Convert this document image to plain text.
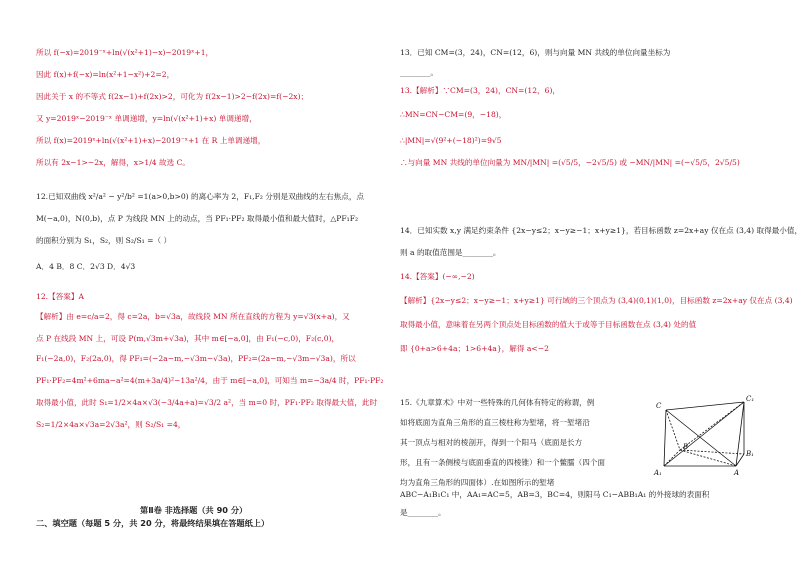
所以 f(−x)=2019⁻ˣ+ln(√(x²+1)−x)−2019ˣ+1，
因此 f(x)+f(−x)=ln(x²+1−x²)+2=2，
因此关于 x 的不等式 f(2x−1)+f(2x)>2，可化为 f(2x−1)>2−f(2x)=f(−2x)；
又 y=2019ˣ−2019⁻ˣ 单调递增，y=ln(√(x²+1)+x) 单调递增，
所以 f(x)=2019ˣ+ln(√(x²+1)+x)−2019⁻ˣ+1 在 R 上单调递增，
所以有 2x−1>−2x，解得，x>1/4 故选 C。
12.已知双曲线 x²/a² − y²/b² =1(a>0,b>0) 的离心率为 2，F₁,F₂ 分别是双曲线的左右焦点，点
M(−a,0)，N(0,b)，点 P 为线段 MN 上的动点，当 PF₁·PF₂ 取得最小值和最大值时，△PF₁F₂
的面积分别为 S₁，S₂，则 S₂/S₁ =（ ）
A．4 B．8 C．2√3 D．4√3
12.【答案】A
【解析】由 e=c/a=2，得 c=2a，b=√3a，故线段 MN 所在直线的方程为 y=√3(x+a)，又
点 P 在线段 MN 上，可设 P(m,√3m+√3a)，其中 m∈[−a,0]，由 F₁(−c,0)，F₂(c,0)，
F₁(−2a,0)，F₂(2a,0)，得 PF₁=(−2a−m,−√3m−√3a)，PF₂=(2a−m,−√3m−√3a)，所以
PF₁·PF₂=4m²+6ma−a²=4(m+3a/4)²−13a²/4，由于 m∈[−a,0]，可知当 m=−3a/4 时，PF₁·PF₂
取得最小值，此时 S₁=1/2×4a×√3(−3/4a+a)=√3/2 a²，当 m=0 时，PF₁·PF₂ 取得最大值，此时
S₂=1/2×4a×√3a=2√3a²，则 S₂/S₁ =4，
13．已知 CM=(3，24)，CN=(12，6)，则与向量 MN 共线的单位向量坐标为
________。
13.【解析】∵CM=(3，24)，CN=(12，6)，
∴MN=CN−CM=(9，−18)，
∴|MN|=√(9²+(−18)²)=9√5
∴与向量 MN 共线的单位向量为 MN/|MN| =(√5/5，−2√5/5) 或 −MN/|MN| =(−√5/5，2√5/5)
14．已知实数 x,y 满足约束条件 {2x−y≤2；x−y≥−1；x+y≥1}，若目标函数 z=2x+ay 仅在点 (3,4) 取得最小值，
则 a 的取值范围是________。
14.【答案】(−∞,−2)
【解析】{2x−y≤2；x−y≥−1；x+y≥1} 可行域的三个顶点为 (3,4)(0,1)(1,0)，目标函数 z=2x+ay 仅在点 (3,4)
取得最小值，意味着在另两个顶点处目标函数的值大于或等于目标函数在点 (3,4) 处的值
即 {0+a>6+4a；1>6+4a}，解得 a<−2
15.《九章算术》中对一些特殊的几何体有特定的称谓，例
如将底面为直角三角形的直三棱柱称为堑堵，将一堑堵沿
其一顶点与相对的棱剖开，得到一个阳马（底面是长方
形，且有一条侧棱与底面垂直的四棱锥）和一个鳖臑（四个面
均为直角三角形的四面体）.在如图所示的堑堵
ABC−A₁B₁C₁ 中，AA₁=AC=5，AB=3，BC=4，则阳马 C₁−ABB₁A₁ 的外接球的表面积
是________。
第Ⅱ卷 非选择题（共 90 分）
二、填空题（每题 5 分，共 20 分，将最终结果填在答题纸上）
C
C₁
B
B₁
A₁	A
